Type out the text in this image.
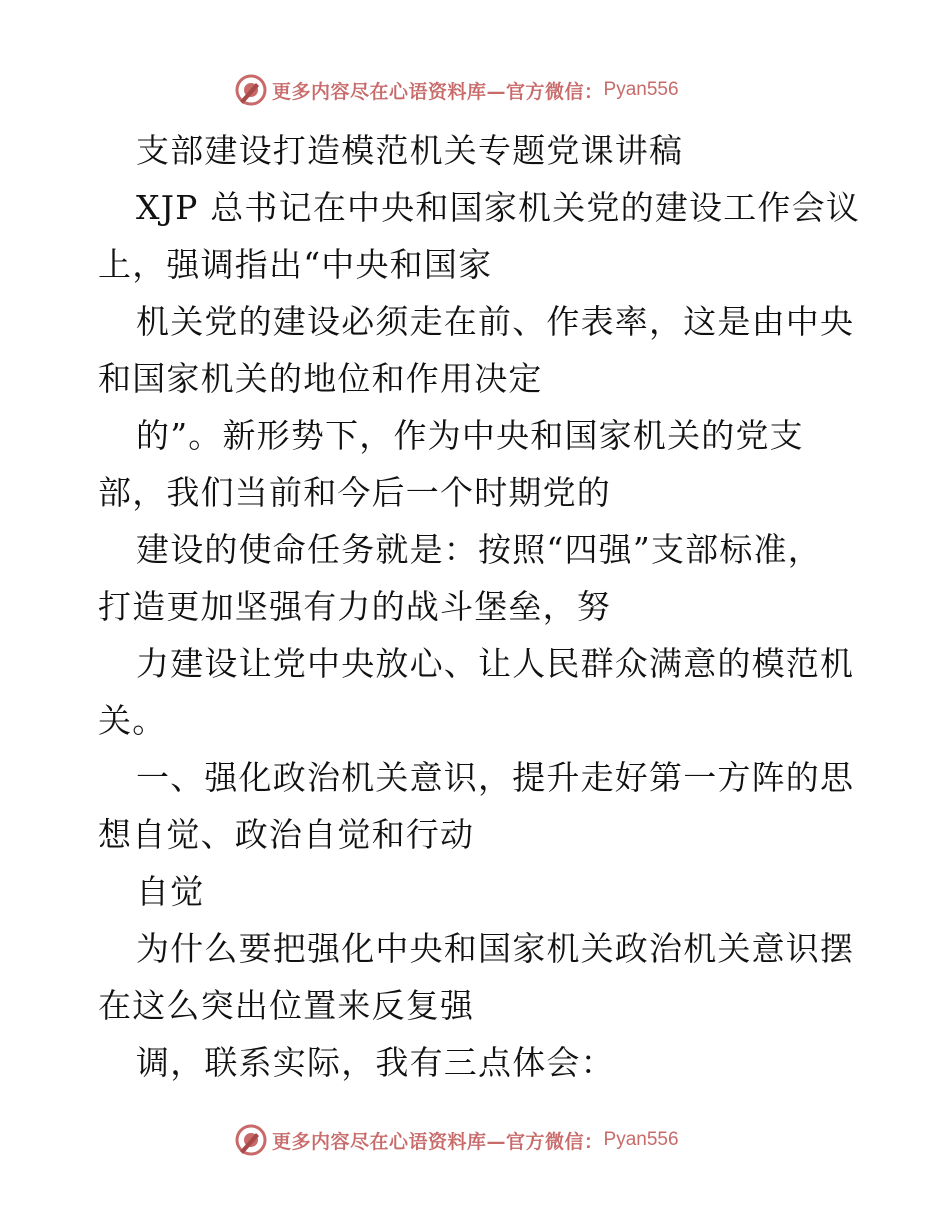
更多内容尽在心语资料库—官方微信： Pyan556
支部建设打造模范机关专题党课讲稿
XJP 总书记在中央和国家机关党的建设工作会议
上，强调指出“中央和国家
机关党的建设必须走在前、作表率，这是由中央
和国家机关的地位和作用决定
的”。新形势下，作为中央和国家机关的党支
部，我们当前和今后一个时期党的
建设的使命任务就是：按照“四强”支部标准，
打造更加坚强有力的战斗堡垒，努
力建设让党中央放心、让人民群众满意的模范机
关。
一、强化政治机关意识，提升走好第一方阵的思
想自觉、政治自觉和行动
自觉
为什么要把强化中央和国家机关政治机关意识摆
在这么突出位置来反复强
调，联系实际，我有三点体会：
更多内容尽在心语资料库—官方微信： Pyan556
